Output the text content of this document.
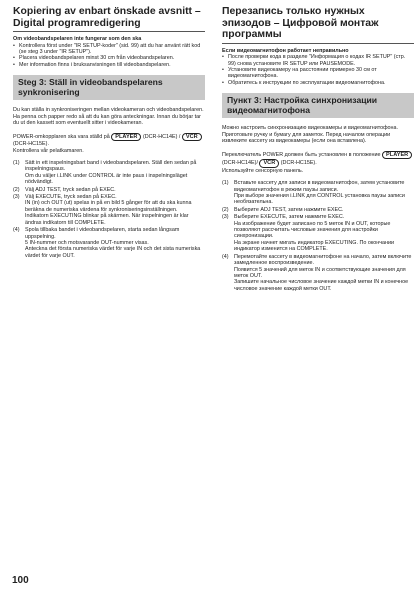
Kopiering av enbart önskade avsnitt – Digital programredigering

Om videobandspelaren inte fungerar som den ska

• Kontrollera först under "IR SETUP-koder" (sid. 99) att du har använt rätt kod (se steg 3 under "IR SETUP").
• Placera videobandspelaren minst 30 cm från videobandspelaren.
• Mer information finns i bruksanvisningen till videobandspelaren.
Steg 3: Ställ in videobandspelarens synkronisering

Du kan ställa in synkroniseringen mellan videokameran och videobandspelaren. Ha penna och papper redo så att du kan göra anteckningar. Innan du börjar tar du ut den kassett som eventuellt sitter i videokameran.

POWER-omkopplaren ska vara ställd på PLAYER (DCR-HC14E) / VCR (DCR-HC15E).
Kontrollera vår pelatkamaren.

(1)	Sätt in ett inspelningsbart band i videobandspelaren. Ställ den sedan på inspelningspaus.

Om du väljer i.LINK under CONTROL är inte paus i inspelningsläget nödvändigt.

(2)	Välj ADJ TEST, tryck sedan på EXEC.

(3)	Välj EXECUTE, tryck sedan på EXEC.

IN (in) och OUT (ut) spelas in på en bild 5 gånger för att du ska kunna beräkna de numeriska värdena för synkroniseringsinställningen.

Indikatorn EXECUTING blinkar på skärmen. När inspelningen är klar ändras indikatorn till COMPLETE.

(4)	Spola tillbaka bandet i videobandspelaren, starta sedan långsam uppspelning.

5 IN-nummer och motsvarande OUT-nummer visas.

Anteckna det första numeriska värdet för varje IN och det sista numeriska värdet för varje OUT.

Перезапись только нужных эпизодов – Цифровой монтаж программы

Если видеомагнитофон работает неправильно

• После проверки кода в разделе "Информация о кодах IR SETUP" (стр. 99) снова установите IR SETUP или PAUSEMODE.
• Установите видеокамеру на расстоянии примерно 30 см от видеомагнитофона.
• Обратитесь к инструкции по эксплуатации видеомагнитофона.
Пункт 3: Настройка синхронизации видеомагнитофона

Можно настроить синхронизацию видеокамеры и видеомагнитофона. Приготовьте ручку и бумагу для заметок. Перед началом операции извлеките кассету из видеокамеры (если она вставлена).

Переключатель POWER должен быть установлен в положение PLAYER (DCR-HC14E)/ VCR (DCR-HC15E).
Используйте сенсорную панель.

(1)	Вставьте кассету для записи в видеомагнитофон, затем установите видеомагнитофон в режим паузы записи.

При выборе значения i.LINK для CONTROL установка паузы записи необязательна.

(2)	Выберите ADJ TEST, затем нажмите EXEC.

(3)	Выберите EXECUTE, затем нажмите EXEC.

На изображение будет записано по 5 меток IN и OUT, которые позволяют рассчитать числовые значения для настройки синхронизации.

На экране начнет мигать индикатор EXECUTING. По окончании индикатор изменится на COMPLETE.

(4)	Перемотайте кассету в видеомагнитофоне на начало, затем включите замедленное воспроизведение.

Появится 5 значений для меток IN и соответствующие значения для меток OUT.

Запишите начальное числовое значение каждой метки IN и конечное числовое значение каждой метки OUT.

100
